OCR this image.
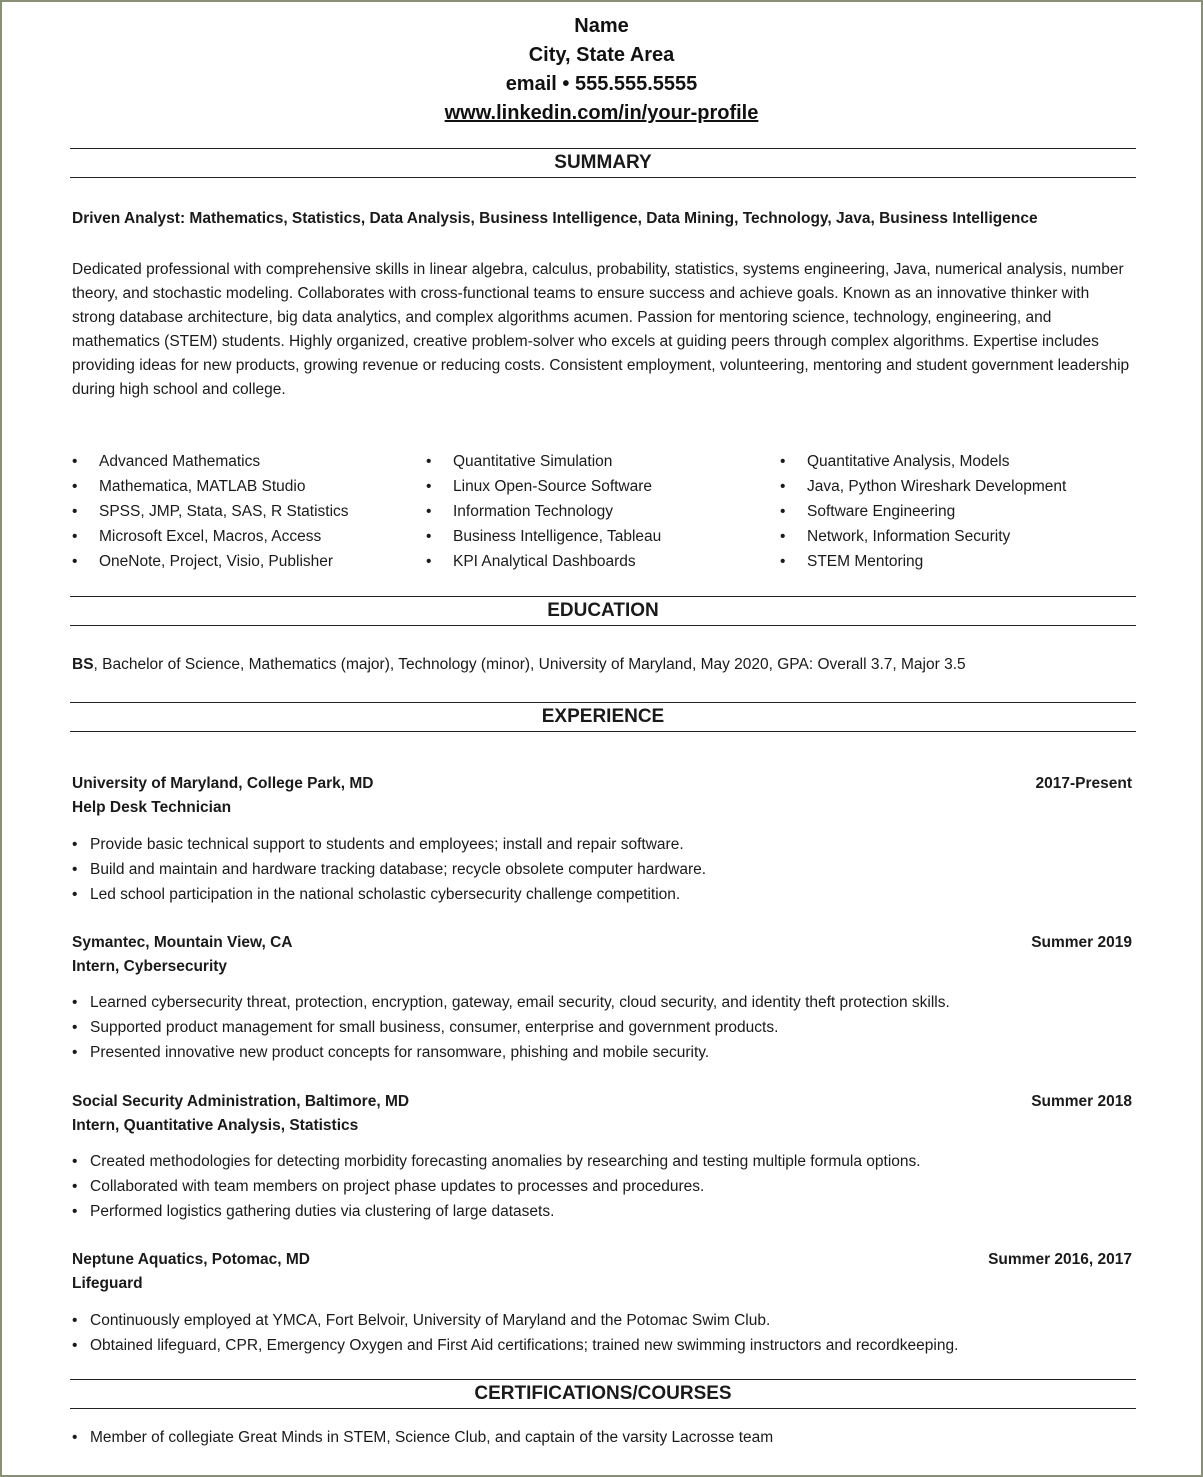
Name
City, State Area
email • 555.555.5555
www.linkedin.com/in/your-profile
SUMMARY
Driven Analyst: Mathematics, Statistics, Data Analysis, Business Intelligence, Data Mining, Technology, Java, Business Intelligence
Dedicated professional with comprehensive skills in linear algebra, calculus, probability, statistics, systems engineering, Java, numerical analysis, number theory, and stochastic modeling. Collaborates with cross-functional teams to ensure success and achieve goals. Known as an innovative thinker with strong database architecture, big data analytics, and complex algorithms acumen. Passion for mentoring science, technology, engineering, and mathematics (STEM) students. Highly organized, creative problem-solver who excels at guiding peers through complex algorithms. Expertise includes providing ideas for new products, growing revenue or reducing costs. Consistent employment, volunteering, mentoring and student government leadership during high school and college.
• Advanced Mathematics
• Mathematica, MATLAB Studio
• SPSS, JMP, Stata, SAS, R Statistics
• Microsoft Excel, Macros, Access
• OneNote, Project, Visio, Publisher
• Quantitative Simulation
• Linux Open-Source Software
• Information Technology
• Business Intelligence, Tableau
• KPI Analytical Dashboards
• Quantitative Analysis, Models
• Java, Python Wireshark Development
• Software Engineering
• Network, Information Security
• STEM Mentoring
EDUCATION
BS, Bachelor of Science, Mathematics (major), Technology (minor), University of Maryland, May 2020, GPA: Overall 3.7, Major 3.5
EXPERIENCE
University of Maryland, College Park, MD	2017-Present
Help Desk Technician
• Provide basic technical support to students and employees; install and repair software.
• Build and maintain and hardware tracking database; recycle obsolete computer hardware.
• Led school participation in the national scholastic cybersecurity challenge competition.
Symantec, Mountain View, CA	Summer 2019
Intern, Cybersecurity
• Learned cybersecurity threat, protection, encryption, gateway, email security, cloud security, and identity theft protection skills.
• Supported product management for small business, consumer, enterprise and government products.
• Presented innovative new product concepts for ransomware, phishing and mobile security.
Social Security Administration, Baltimore, MD	Summer 2018
Intern, Quantitative Analysis, Statistics
• Created methodologies for detecting morbidity forecasting anomalies by researching and testing multiple formula options.
• Collaborated with team members on project phase updates to processes and procedures.
• Performed logistics gathering duties via clustering of large datasets.
Neptune Aquatics, Potomac, MD	Summer 2016, 2017
Lifeguard
• Continuously employed at YMCA, Fort Belvoir, University of Maryland and the Potomac Swim Club.
• Obtained lifeguard, CPR, Emergency Oxygen and First Aid certifications; trained new swimming instructors and recordkeeping.
CERTIFICATIONS/COURSES
• Member of collegiate Great Minds in STEM, Science Club, and captain of the varsity Lacrosse team
